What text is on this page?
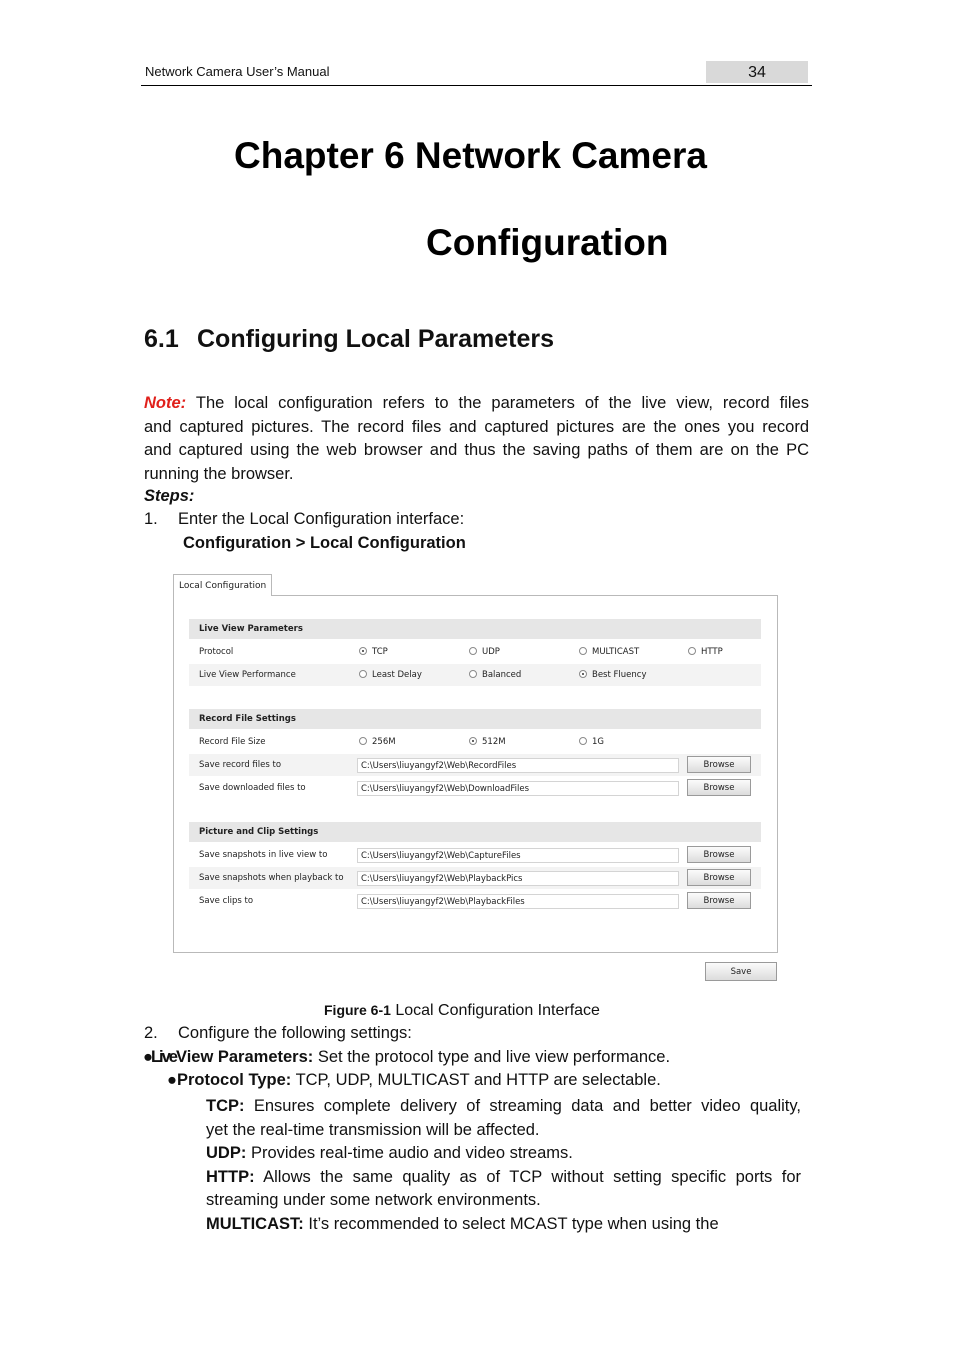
Network Camera User’s Manual	34
Chapter 6 Network Camera
Configuration
6.1 Configuring Local Parameters
Note: The local configuration refers to the parameters of the live view, record files
and captured pictures. The record files and captured pictures are the ones you record
and captured using the web browser and thus the saving paths of them are on the PC
running the browser.
Steps:
1. Enter the Local Configuration interface:
Configuration > Local Configuration
Local Configuration
Live View Parameters
Protocol	TCP	UDP	MULTICAST	HTTP
Live View Performance	Least Delay	Balanced	Best Fluency
Record File Settings
Record File Size	256M	512M	1G
Save record files to	C:\Users\liuyangyf2\Web\RecordFiles	Browse
Save downloaded files to	C:\Users\liuyangyf2\Web\DownloadFiles	Browse
Picture and Clip Settings
Save snapshots in live view to	C:\Users\liuyangyf2\Web\CaptureFiles	Browse
Save snapshots when playback to	C:\Users\liuyangyf2\Web\PlaybackPics	Browse
Save clips to	C:\Users\liuyangyf2\Web\PlaybackFiles	Browse
Save
Figure 6-1 Local Configuration Interface
2. Configure the following settings:
●LiveView Parameters: Set the protocol type and live view performance.
●Protocol Type: TCP, UDP, MULTICAST and HTTP are selectable.
TCP: Ensures complete delivery of streaming data and better video quality,
yet the real-time transmission will be affected.
UDP: Provides real-time audio and video streams.
HTTP: Allows the same quality as of TCP without setting specific ports for
streaming under some network environments.
MULTICAST: It’s recommended to select MCAST type when using the
